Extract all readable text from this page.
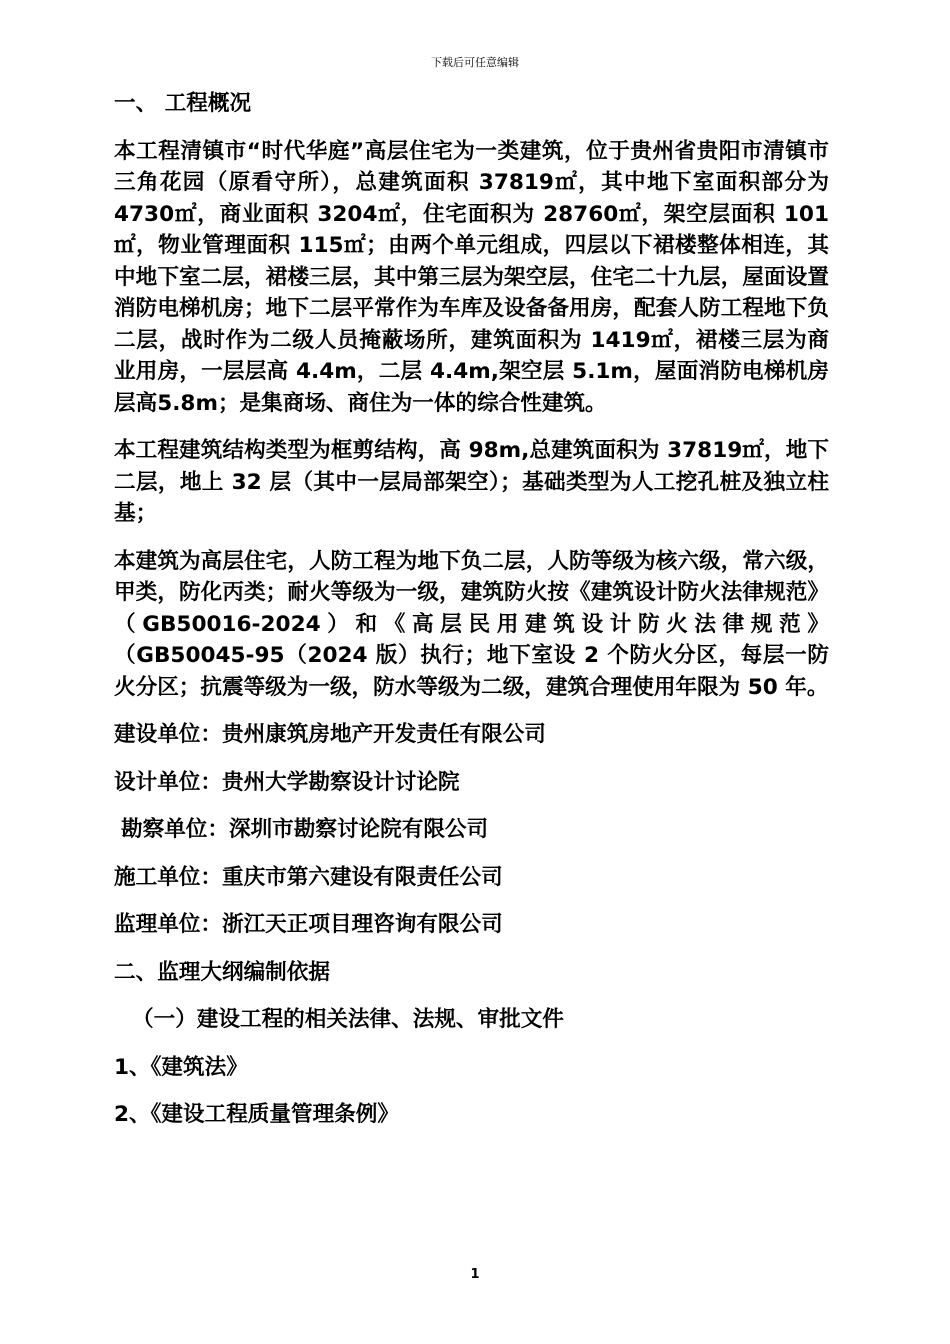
下载后可任意编辑

一、 工程概况

本工程清镇市“时代华庭”高层住宅为一类建筑，位于贵州省贵阳市清镇市三角花园（原看守所），总建筑面积 37819㎡，其中地下室面积部分为 4730㎡，商业面积 3204㎡，住宅面积为 28760㎡，架空层面积 101㎡，物业管理面积 115㎡；由两个单元组成，四层以下裙楼整体相连，其中地下室二层，裙楼三层，其中第三层为架空层，住宅二十九层，屋面设置消防电梯机房；地下二层平常作为车库及设备备用房，配套人防工程地下负二层，战时作为二级人员掩蔽场所，建筑面积为 1419㎡，裙楼三层为商业用房，一层层高 4.4m，二层 4.4m,架空层 5.1m，屋面消防电梯机房层高5.8m；是集商场、商住为一体的综合性建筑。

本工程建筑结构类型为框剪结构，高 98m,总建筑面积为 37819㎡，地下二层，地上 32 层（其中一层局部架空）；基础类型为人工挖孔桩及独立柱基；

本建筑为高层住宅，人防工程为地下负二层，人防等级为核六级，常六级，甲类，防化丙类；耐火等级为一级，建筑防火按《建筑设计防火法律规范》（GB50016-2024）和《高层民用建筑设计防火法律规范》（GB50045-95（2024 版）执行；地下室设 2 个防火分区，每层一防火分区；抗震等级为一级，防水等级为二级，建筑合理使用年限为 50 年。

建设单位：贵州康筑房地产开发责任有限公司

设计单位：贵州大学勘察设计讨论院

勘察单位：深圳市勘察讨论院有限公司

施工单位：重庆市第六建设有限责任公司

监理单位：浙江天正项目理咨询有限公司

二、监理大纲编制依据

（一）建设工程的相关法律、法规、审批文件

1、《建筑法》

2、《建设工程质量管理条例》

1
